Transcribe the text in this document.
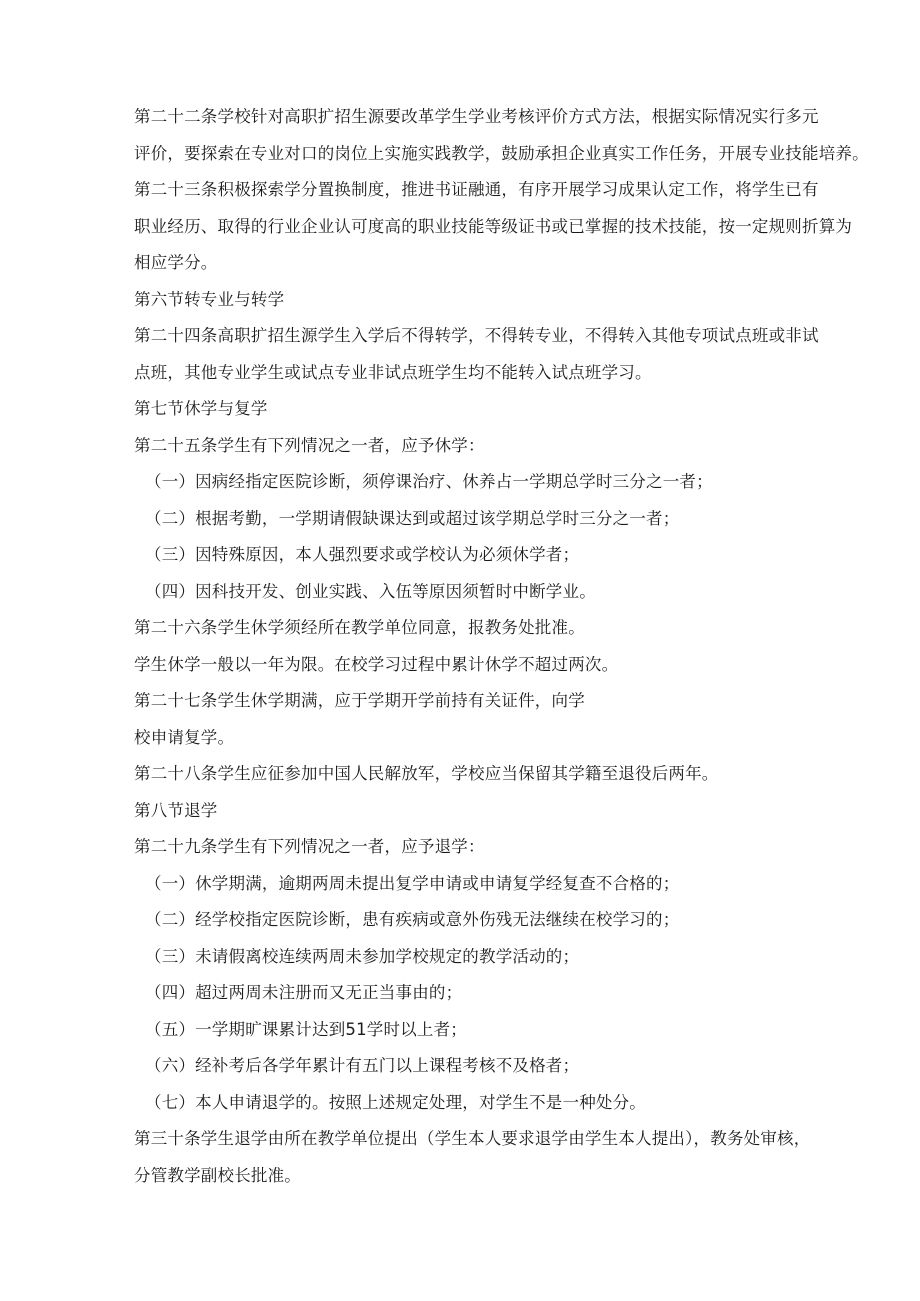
第二十二条学校针对高职扩招生源要改革学生学业考核评价方式方法，根据实际情况实行多元
评价，要探索在专业对口的岗位上实施实践教学，鼓励承担企业真实工作任务，开展专业技能培养。
第二十三条积极探索学分置换制度，推进书证融通，有序开展学习成果认定工作，将学生已有
职业经历、取得的行业企业认可度高的职业技能等级证书或已掌握的技术技能，按一定规则折算为
相应学分。
第六节转专业与转学
第二十四条高职扩招生源学生入学后不得转学，不得转专业，不得转入其他专项试点班或非试
点班，其他专业学生或试点专业非试点班学生均不能转入试点班学习。
第七节休学与复学
第二十五条学生有下列情况之一者，应予休学：
（一）因病经指定医院诊断，须停课治疗、休养占一学期总学时三分之一者；
（二）根据考勤，一学期请假缺课达到或超过该学期总学时三分之一者；
（三）因特殊原因，本人强烈要求或学校认为必须休学者；
（四）因科技开发、创业实践、入伍等原因须暂时中断学业。
第二十六条学生休学须经所在教学单位同意，报教务处批准。
学生休学一般以一年为限。在校学习过程中累计休学不超过两次。
第二十七条学生休学期满，应于学期开学前持有关证件，向学
校申请复学。
第二十八条学生应征参加中国人民解放军，学校应当保留其学籍至退役后两年。
第八节退学
第二十九条学生有下列情况之一者，应予退学：
（一）休学期满，逾期两周未提出复学申请或申请复学经复查不合格的；
（二）经学校指定医院诊断，患有疾病或意外伤残无法继续在校学习的；
（三）未请假离校连续两周未参加学校规定的教学活动的；
（四）超过两周未注册而又无正当事由的；
（五）一学期旷课累计达到51学时以上者；
（六）经补考后各学年累计有五门以上课程考核不及格者；
（七）本人申请退学的。按照上述规定处理，对学生不是一种处分。
第三十条学生退学由所在教学单位提出（学生本人要求退学由学生本人提出），教务处审核，
分管教学副校长批准。
